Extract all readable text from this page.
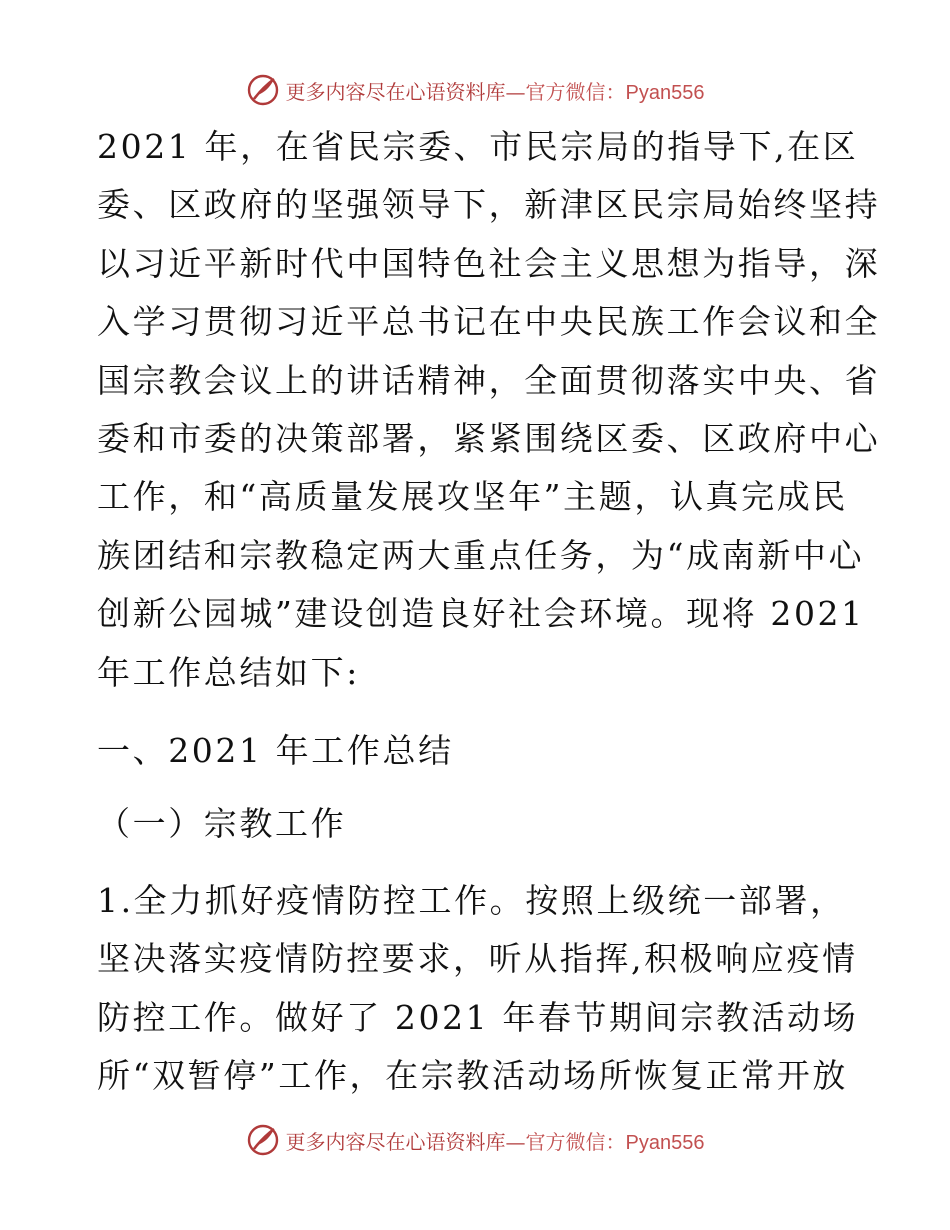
更多内容尽在心语资料库—官方微信：Pyan556
2021 年，在省民宗委、市民宗局的指导下,在区
委、区政府的坚强领导下，新津区民宗局始终坚持
以习近平新时代中国特色社会主义思想为指导，深
入学习贯彻习近平总书记在中央民族工作会议和全
国宗教会议上的讲话精神，全面贯彻落实中央、省
委和市委的决策部署，紧紧围绕区委、区政府中心
工作，和“高质量发展攻坚年”主题，认真完成民
族团结和宗教稳定两大重点任务，为“成南新中心
创新公园城”建设创造良好社会环境。现将 2021
年工作总结如下:
一、2021 年工作总结
（一）宗教工作
1.全力抓好疫情防控工作。按照上级统一部署，
坚决落实疫情防控要求，听从指挥,积极响应疫情
防控工作。做好了 2021 年春节期间宗教活动场
所“双暂停”工作，在宗教活动场所恢复正常开放
更多内容尽在心语资料库—官方微信：Pyan556
